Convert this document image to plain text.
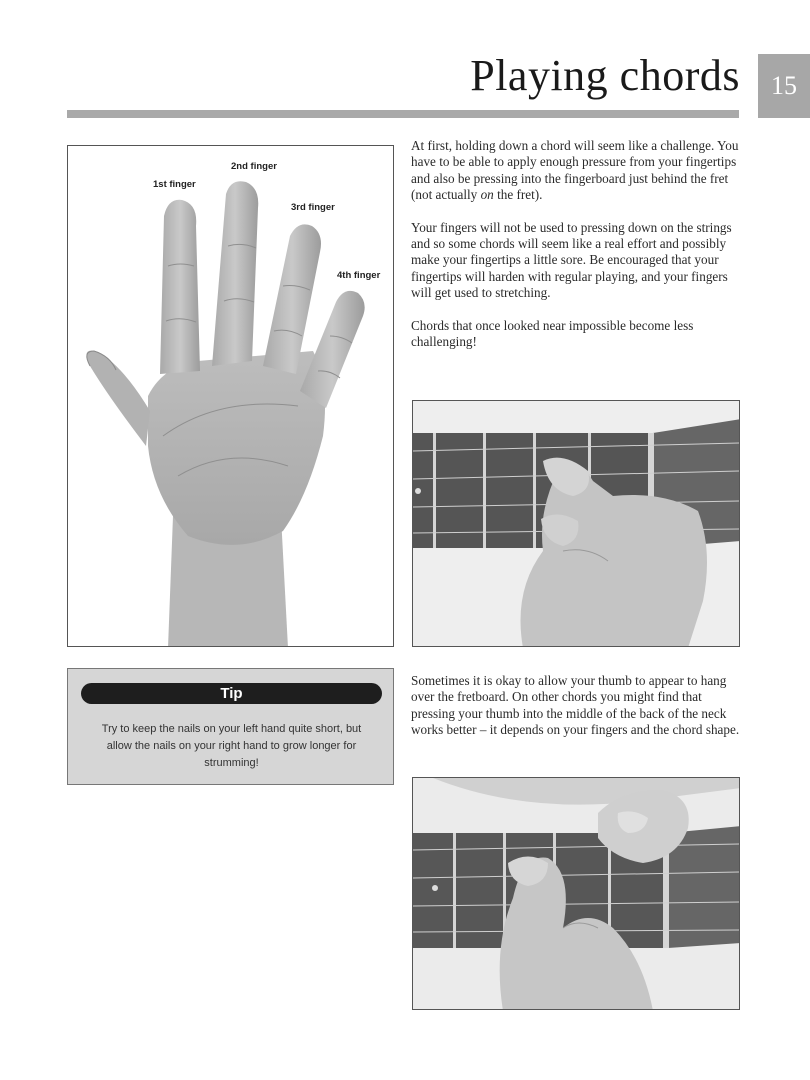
Playing chords 15
1st finger
2nd finger
3rd finger
4th finger

At first, holding down a chord will seem like a challenge. You have to be able to apply enough pressure from your fingertips and also be pressing into the fingerboard just behind the fret
(not actually on the fret).

Your fingers will not be used to pressing down on the strings and so some chords will seem like a real effort and possibly make your fingertips a little sore. Be encouraged that your fingertips will harden with regular playing, and your fingers will get used to stretching.

Chords that once looked near impossible become less challenging!

Tip
Try to keep the nails on your left hand quite short, but allow the nails on your right hand to grow longer for strumming!

Sometimes it is okay to allow your thumb to appear to hang over the fretboard. On other chords you might find that pressing your thumb into the middle of the back of the neck works better – it depends on your fingers and the chord shape.
